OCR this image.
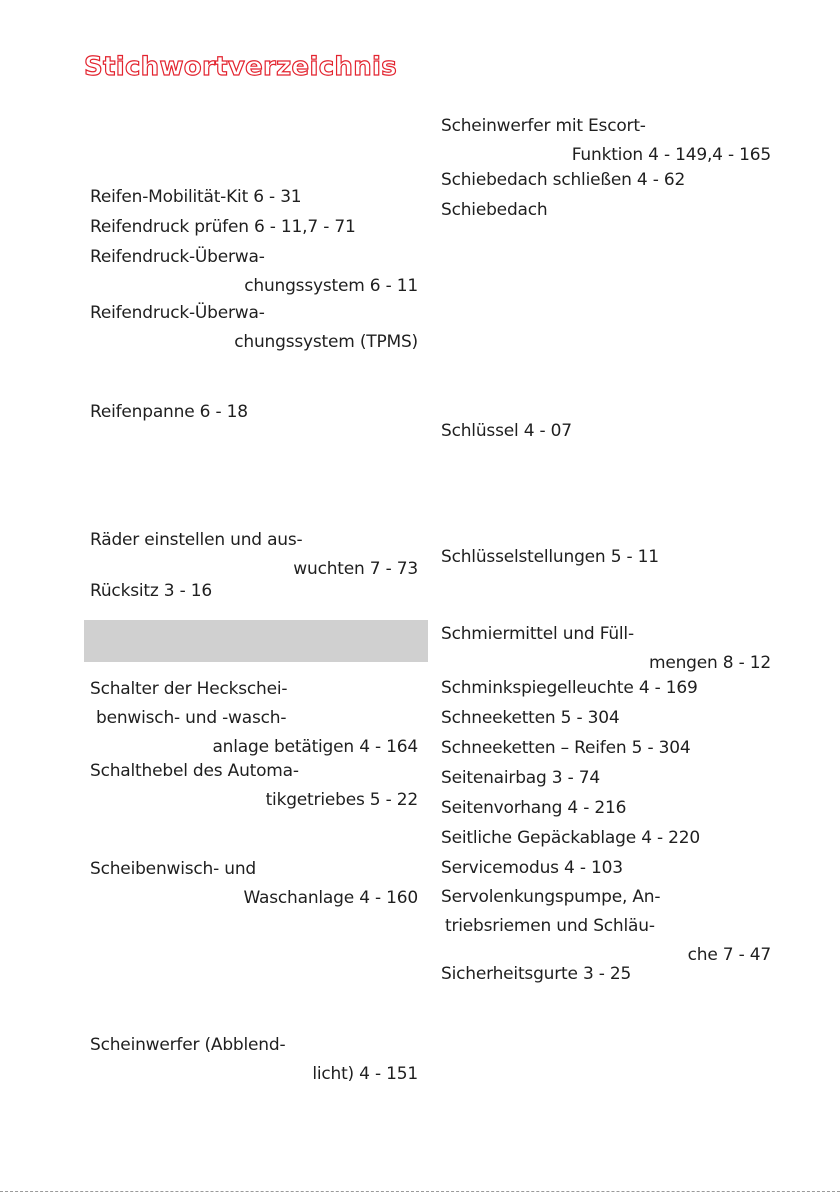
Stichwortverzeichnis
Reifen-Mobilität-Kit 6 - 31
Reifendruck prüfen 6 - 11,7 - 71
Reifendruck-Überwa-
chungssystem 6 - 11
Reifendruck-Überwa-
chungssystem (TPMS)
Reifenpanne 6 - 18
Räder einstellen und aus-
wuchten 7 - 73
Rücksitz 3 - 16
Schalter der Heckschei-
benwisch- und -wasch-
anlage betätigen 4 - 164
Schalthebel des Automa-
tikgetriebes 5 - 22
Scheibenwisch- und
Waschanlage 4 - 160
Scheinwerfer (Abblend-
licht) 4 - 151
Scheinwerfer mit Escort-
Funktion 4 - 149,4 - 165
Schiebedach schließen 4 - 62
Schiebedach
Schlüssel 4 - 07
Schlüsselstellungen 5 - 11
Schmiermittel und Füll-
mengen 8 - 12
Schminkspiegelleuchte 4 - 169
Schneeketten 5 - 304
Schneeketten – Reifen 5 - 304
Seitenairbag 3 - 74
Seitenvorhang 4 - 216
Seitliche Gepäckablage 4 - 220
Servicemodus 4 - 103
Servolenkungspumpe, An-
triebsriemen und Schläu-
che 7 - 47
Sicherheitsgurte 3 - 25
